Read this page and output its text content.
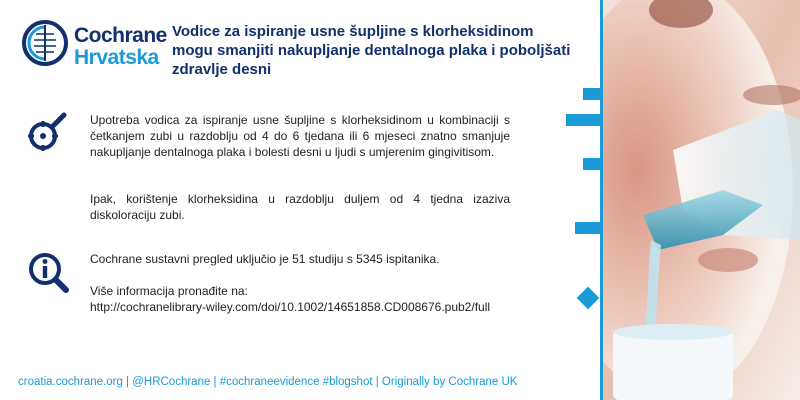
Cochrane
Hrvatska
Vodice za ispiranje usne šupljine s klorheksidinom mogu smanjiti nakupljanje dentalnoga plaka i poboljšati zdravlje desni

Upotreba vodica za ispiranje usne šupljine s klorheksidinom u kombinaciji s četkanjem zubi u razdoblju od 4 do 6 tjedana ili 6 mjeseci znatno smanjuje nakupljanje dentalnoga plaka i bolesti desni u ljudi s umjerenim gingivitisom.

Ipak, korištenje klorheksidina u razdoblju duljem od 4 tjedna izaziva diskoloraciju zubi.

Cochrane sustavni pregled uključio je 51 studiju s 5345 ispitanika.

Više informacija pronađite na:

http://cochranelibrary-wiley.com/doi/10.1002/14651858.CD008676.pub2/full

croatia.cochrane.org | @HRCochrane | #cochraneevidence #blogshot | Originally by Cochrane UK
